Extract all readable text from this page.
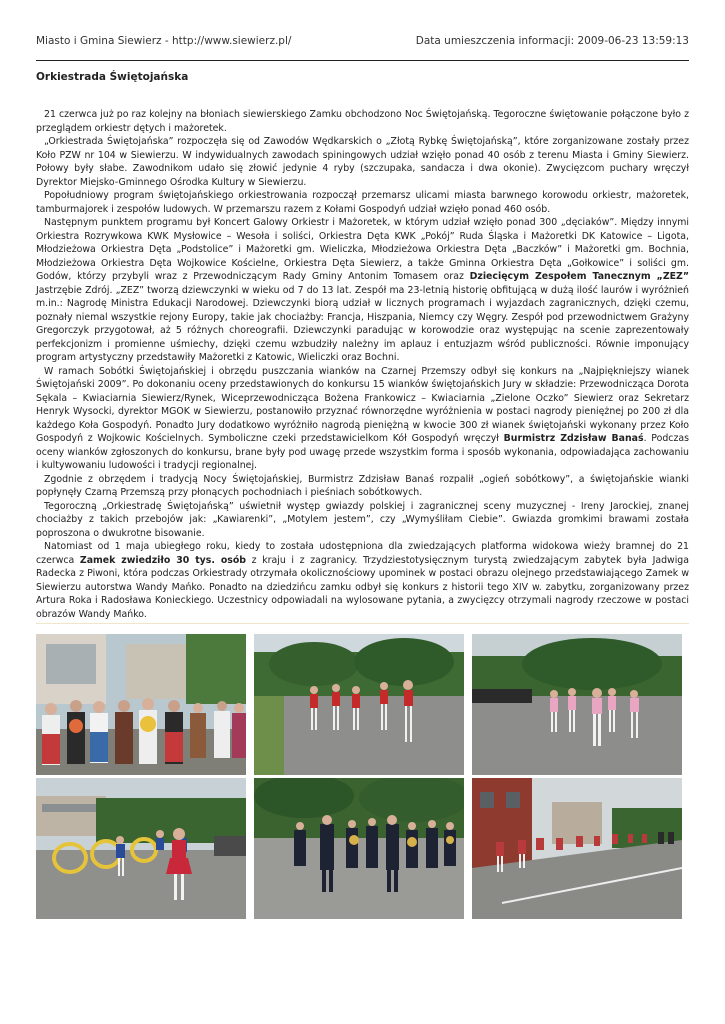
Miasto i Gmina Siewierz - http://www.siewierz.pl/	Data umieszczenia informacji: 2009-06-23 13:59:13
Orkiestrada Świętojańska

21 czerwca już po raz kolejny na błoniach siewierskiego Zamku obchodzono Noc Świętojańską. Tegoroczne świętowanie połączone było z przeglądem orkiestr dętych i mażoretek.

„Orkiestrada Świętojańska” rozpoczęła się od Zawodów Wędkarskich o „Złotą Rybkę Świętojańską”, które zorganizowane zostały przez Koło PZW nr 104 w Siewierzu. W indywidualnych zawodach spiningowych udział wzięło ponad 40 osób z terenu Miasta i Gminy Siewierz. Połowy były słabe. Zawodnikom udało się złowić jedynie 4 ryby (szczupaka, sandacza i dwa okonie). Zwycięzcom puchary wręczył Dyrektor Miejsko-Gminnego Ośrodka Kultury w Siewierzu.

Popołudniowy program świętojańskiego orkiestrowania rozpoczął przemarsz ulicami miasta barwnego korowodu orkiestr, mażoretek, tamburmajorek i zespołów ludowych. W przemarszu razem z Kołami Gospodyń udział wzięło ponad 460 osób.

Następnym punktem programu był Koncert Galowy Orkiestr i Mażoretek, w którym udział wzięło ponad 300 „dęciaków”. Między innymi Orkiestra Rozrywkowa KWK Mysłowice – Wesoła i soliści, Orkiestra Dęta KWK „Pokój” Ruda Śląska i Mażoretki DK Katowice – Ligota, Młodzieżowa Orkiestra Dęta „Podstolice” i Mażoretki gm. Wieliczka, Młodzieżowa Orkiestra Dęta „Baczków” i Mażoretki gm. Bochnia, Młodzieżowa Orkiestra Dęta Wojkowice Kościelne, Orkiestra Dęta Siewierz, a także Gminna Orkiestra Dęta „Gołkowice” i soliści gm. Godów, którzy przybyli wraz z Przewodniczącym Rady Gminy Antonim Tomasem oraz Dziecięcym Zespołem Tanecznym „ZEZ” Jastrzębie Zdrój. „ZEZ” tworzą dziewczynki w wieku od 7 do 13 lat. Zespół ma 23-letnią historię obfitującą w dużą ilość laurów i wyróżnień m.in.: Nagrodę Ministra Edukacji Narodowej. Dziewczynki biorą udział w licznych programach i wyjazdach zagranicznych, dzięki czemu, poznały niemal wszystkie rejony Europy, takie jak chociażby: Francja, Hiszpania, Niemcy czy Węgry. Zespół pod przewodnictwem Grażyny Gregorczyk przygotował, aż 5 różnych choreografii. Dziewczynki paradując w korowodzie oraz występując na scenie zaprezentowały perfekcjonizm i promienne uśmiechy, dzięki czemu wzbudziły należny im aplauz i entuzjazm wśród publiczności. Równie imponujący program artystyczny przedstawiły Mażoretki z Katowic, Wieliczki oraz Bochni.

W ramach Sobótki Świętojańskiej i obrzędu puszczania wianków na Czarnej Przemszy odbył się konkurs na „Najpiękniejszy wianek Świętojański 2009”. Po dokonaniu oceny przedstawionych do konkursu 15 wianków świętojańskich Jury w składzie: Przewodnicząca Dorota Sękala – Kwiaciarnia Siewierz/Rynek, Wiceprzewodnicząca Bożena Frankowicz – Kwiaciarnia „Zielone Oczko” Siewierz oraz Sekretarz Henryk Wysocki, dyrektor MGOK w Siewierzu, postanowiło przyznać równorzędne wyróżnienia w postaci nagrody pieniężnej po 200 zł dla każdego Koła Gospodyń. Ponadto Jury dodatkowo wyróżniło nagrodą pieniężną w kwocie 300 zł wianek świętojański wykonany przez Koło Gospodyń z Wojkowic Kościelnych. Symboliczne czeki przedstawicielkom Kół Gospodyń wręczył Burmistrz Zdzisław Banaś. Podczas oceny wianków zgłoszonych do konkursu, brane były pod uwagę przede wszystkim forma i sposób wykonania, odpowiadająca zachowaniu i kultywowaniu ludowości i tradycji regionalnej.

Zgodnie z obrzędem i tradycją Nocy Świętojańskiej, Burmistrz Zdzisław Banaś rozpalił „ogień sobótkowy”, a świętojańskie wianki popłynęły Czarną Przemszą przy płonących pochodniach i pieśniach sobótkowych.

Tegoroczną „Orkiestradę Świętojańską” uświetnił występ gwiazdy polskiej i zagranicznej sceny muzycznej - Ireny Jarockiej, znanej chociażby z takich przebojów jak: „Kawiarenki”, „Motylem jestem”, czy „Wymyśliłam Ciebie”. Gwiazda gromkimi brawami została poproszona o dwukrotne bisowanie.

Natomiast od 1 maja ubiegłego roku, kiedy to została udostępniona dla zwiedzających platforma widokowa wieży bramnej do 21 czerwca Zamek zwiedziło 30 tys. osób z kraju i z zagranicy. Trzydziestotysięcznym turystą zwiedzającym zabytek była Jadwiga Radecka z Piwoni, która podczas Orkiestrady otrzymała okolicznościowy upominek w postaci obrazu olejnego przedstawiającego Zamek w Siewierzu autorstwa Wandy Mańko. Ponadto na dziedzińcu zamku odbył się konkurs z historii tego XIV w. zabytku, zorganizowany przez Artura Roka i Radosława Konieckiego. Uczestnicy odpowiadali na wylosowane pytania, a zwycięzcy otrzymali nagrody rzeczowe w postaci obrazów Wandy Mańko.
